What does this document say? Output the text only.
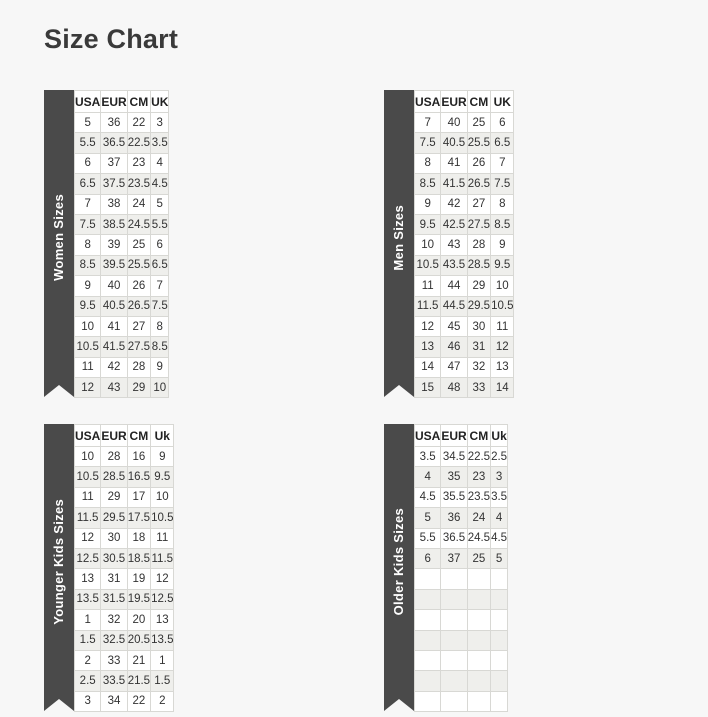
Size Chart
Women Sizes
USA	EUR	CM	UK
5	36	22	3
5.5	36.5	22.5	3.5
6	37	23	4
6.5	37.5	23.5	4.5
7	38	24	5
7.5	38.5	24.5	5.5
8	39	25	6
8.5	39.5	25.5	6.5
9	40	26	7
9.5	40.5	26.5	7.5
10	41	27	8
10.5	41.5	27.5	8.5
11	42	28	9
12	43	29	10
Men Sizes
USA	EUR	CM	UK
7	40	25	6
7.5	40.5	25.5	6.5
8	41	26	7
8.5	41.5	26.5	7.5
9	42	27	8
9.5	42.5	27.5	8.5
10	43	28	9
10.5	43.5	28.5	9.5
11	44	29	10
11.5	44.5	29.5	10.5
12	45	30	11
13	46	31	12
14	47	32	13
15	48	33	14
Younger Kids Sizes
USA	EUR	CM	Uk
10	28	16	9
10.5	28.5	16.5	9.5
11	29	17	10
11.5	29.5	17.5	10.5
12	30	18	11
12.5	30.5	18.5	11.5
13	31	19	12
13.5	31.5	19.5	12.5
1	32	20	13
1.5	32.5	20.5	13.5
2	33	21	1
2.5	33.5	21.5	1.5
3	34	22	2
Older Kids Sizes
USA	EUR	CM	Uk
3.5	34.5	22.5	2.5
4	35	23	3
4.5	35.5	23.5	3.5
5	36	24	4
5.5	36.5	24.5	4.5
6	37	25	5
